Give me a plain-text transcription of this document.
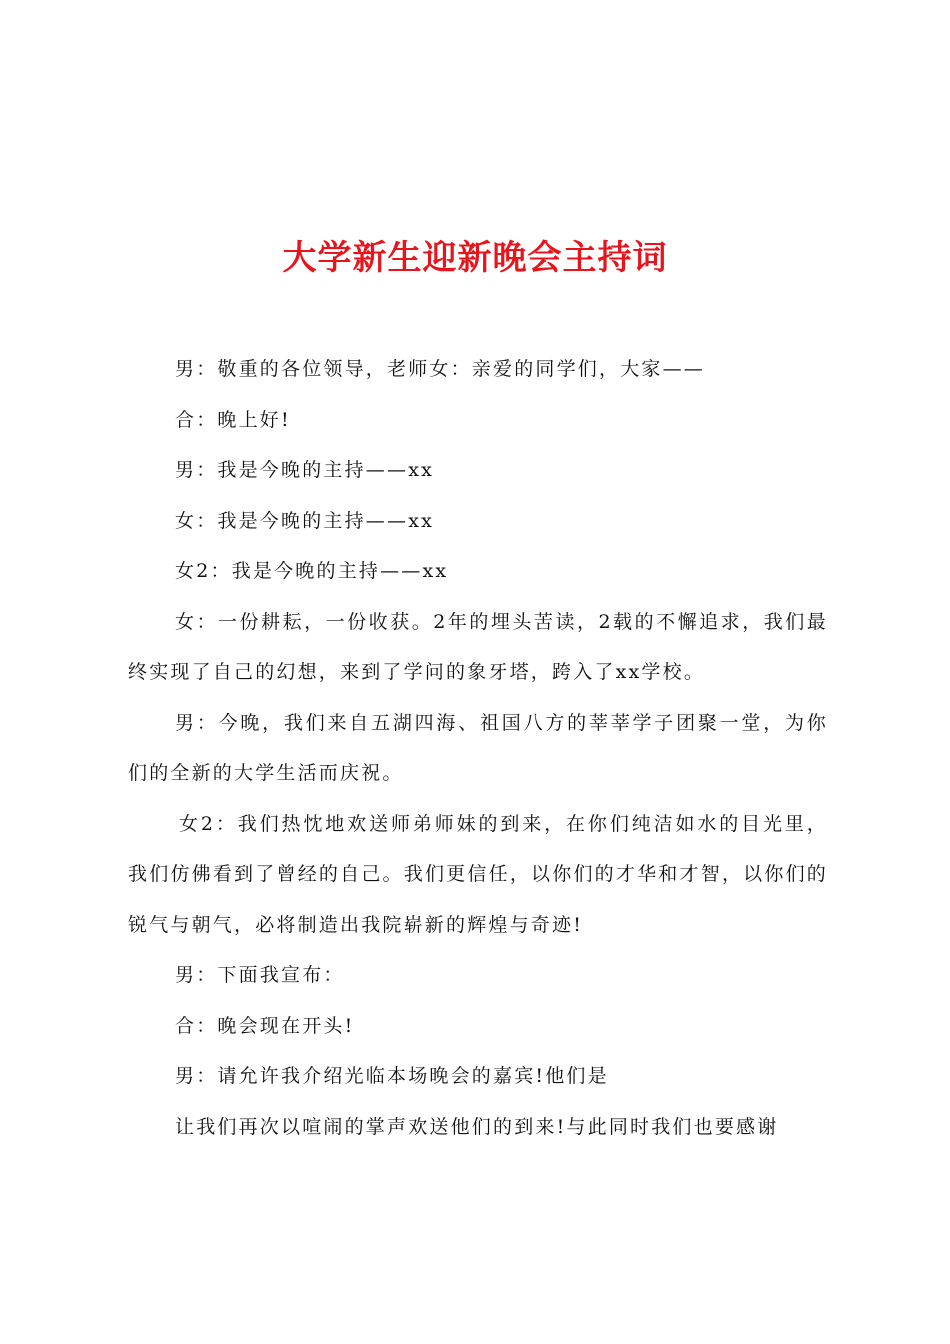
大学新生迎新晚会主持词

男：敬重的各位领导，老师女：亲爱的同学们，大家——

合：晚上好!

男：我是今晚的主持——xx

女：我是今晚的主持——xx

女2：我是今晚的主持——xx

女：一份耕耘，一份收获。2年的埋头苦读，2载的不懈追求，我们最终实现了自己的幻想，来到了学问的象牙塔，跨入了xx学校。

男：今晚，我们来自五湖四海、祖国八方的莘莘学子团聚一堂，为你们的全新的大学生活而庆祝。

女2：我们热忱地欢送师弟师妹的到来，在你们纯洁如水的目光里，我们仿佛看到了曾经的自己。我们更信任，以你们的才华和才智，以你们的锐气与朝气，必将制造出我院崭新的辉煌与奇迹!

男：下面我宣布：

合：晚会现在开头!

男：请允许我介绍光临本场晚会的嘉宾!他们是

让我们再次以喧闹的掌声欢送他们的到来!与此同时我们也要感谢
